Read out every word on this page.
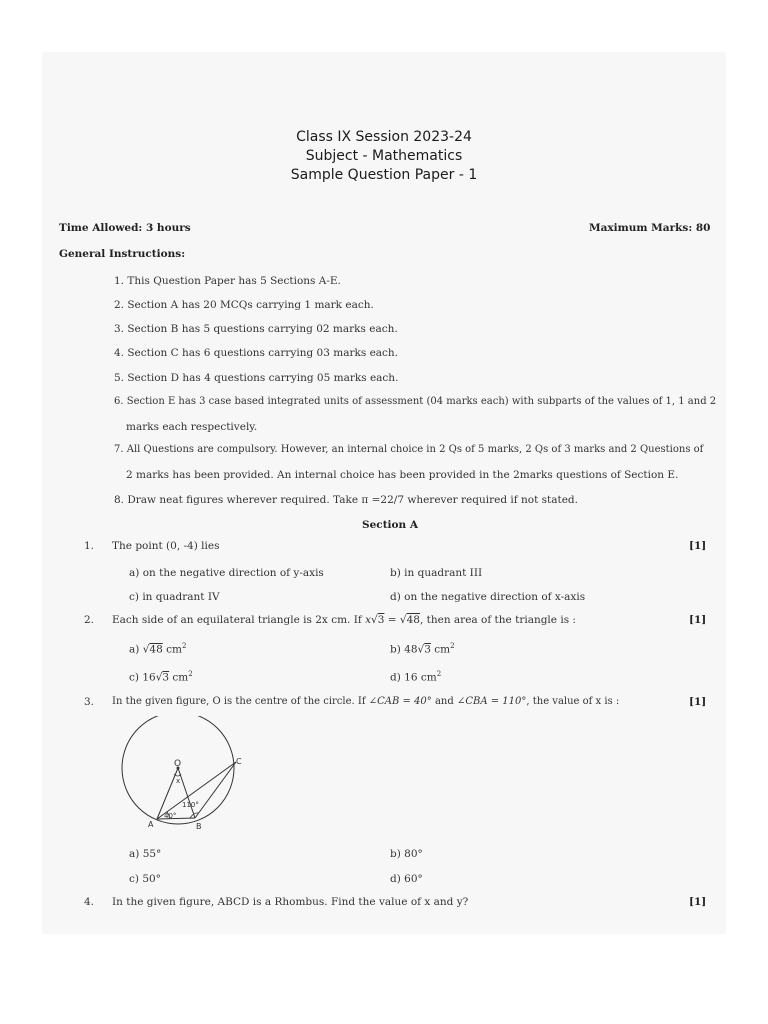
Class IX Session 2023-24
Subject - Mathematics
Sample Question Paper - 1
Time Allowed: 3 hours	Maximum Marks: 80
General Instructions:
1. This Question Paper has 5 Sections A-E.
2. Section A has 20 MCQs carrying 1 mark each.
3. Section B has 5 questions carrying 02 marks each.
4. Section C has 6 questions carrying 03 marks each.
5. Section D has 4 questions carrying 05 marks each.
6. Section E has 3 case based integrated units of assessment (04 marks each) with subparts of the values of 1, 1 and 2
marks each respectively.
7. All Questions are compulsory. However, an internal choice in 2 Qs of 5 marks, 2 Qs of 3 marks and 2 Questions of
2 marks has been provided. An internal choice has been provided in the 2marks questions of Section E.
8. Draw neat figures wherever required. Take π =22/7 wherever required if not stated.
Section A
1. The point (0, -4) lies	[1]
a) on the negative direction of y-axis	b) in quadrant III
c) in quadrant IV	d) on the negative direction of x-axis
2. Each side of an equilateral triangle is 2x cm. If x√3 = √48, then area of the triangle is :	[1]
a) √48 $cm^2$	b) 48√3 $cm^2$
c) 16√3 $cm^2$	d) 16 $cm^2$
3. In the given figure, O is the centre of the circle. If ∠CAB = 40° and ∠CBA = 110°, the value of x is :	[1]
O
x
C
A	B
40°
110°
a) 55°	b) 80°
c) 50°	d) 60°
4. In the given figure, ABCD is a Rhombus. Find the value of x and y?	[1]
